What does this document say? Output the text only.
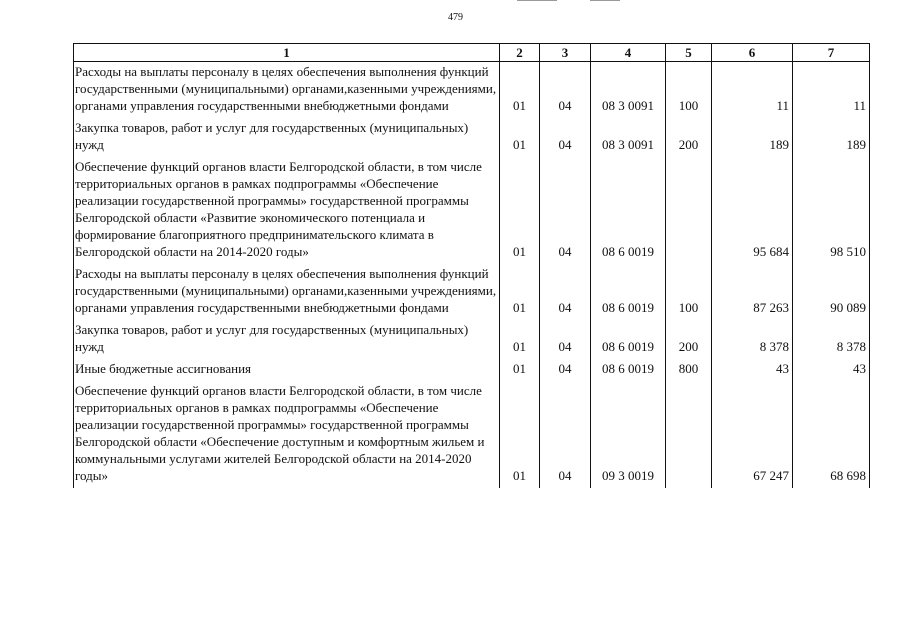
479
1	2	3	4	5	6	7
Расходы на выплаты персоналу в целях обеспечения выполнения функций государственными (муниципальными) органами,казенными учреждениями, органами управления государственными внебюджетными фондами	01	04	08 3 0091	100	11	11
Закупка товаров, работ и услуг для государственных (муниципальных) нужд	01	04	08 3 0091	200	189	189
Обеспечение функций органов власти Белгородской области, в том числе территориальных органов в рамках подпрограммы «Обеспечение реализации государственной программы» государственной программы Белгородской области «Развитие экономического потенциала и формирование благоприятного предпринимательского климата в Белгородской области на 2014-2020 годы»	01	04	08 6 0019		95 684	98 510
Расходы на выплаты персоналу в целях обеспечения выполнения функций государственными (муниципальными) органами,казенными учреждениями, органами управления государственными внебюджетными фондами	01	04	08 6 0019	100	87 263	90 089
Закупка товаров, работ и услуг для государственных (муниципальных) нужд	01	04	08 6 0019	200	8 378	8 378
Иные бюджетные ассигнования	01	04	08 6 0019	800	43	43
Обеспечение функций органов власти Белгородской области, в том числе территориальных органов в рамках подпрограммы «Обеспечение реализации государственной программы» государственной программы Белгородской области «Обеспечение доступным и комфортным жильем и коммунальными услугами жителей Белгородской области на 2014-2020 годы»	01	04	09 3 0019		67 247	68 698
